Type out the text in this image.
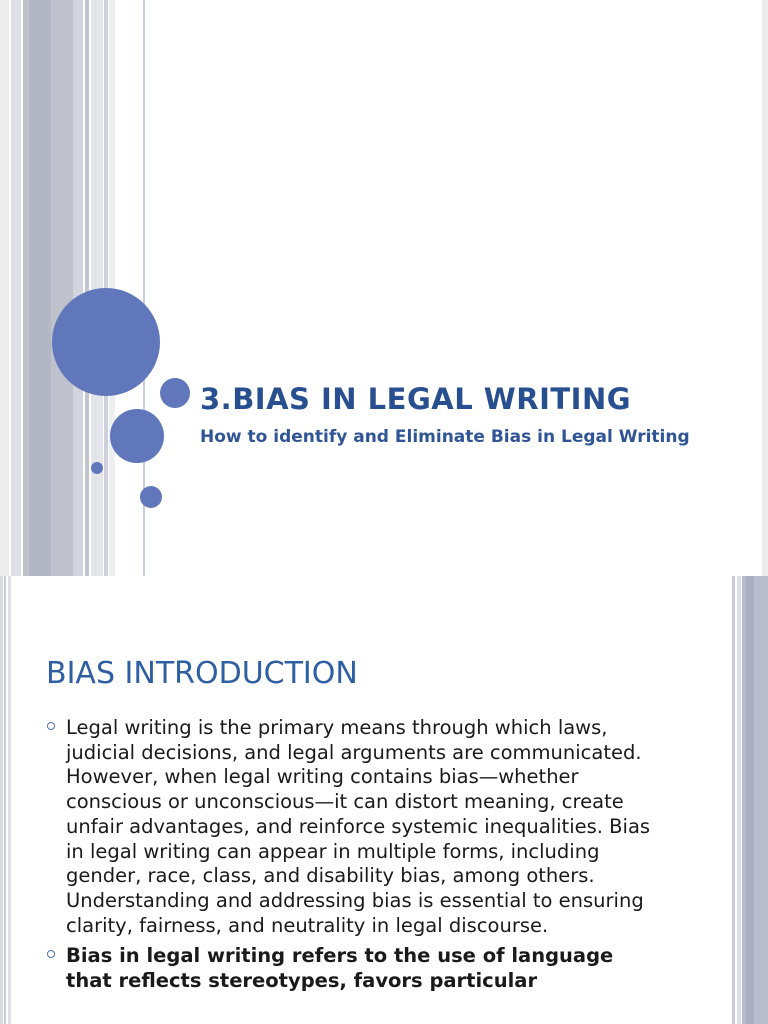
3.BIAS IN LEGAL WRITING
How to identify and Eliminate Bias in Legal Writing
BIAS INTRODUCTION
Legal writing is the primary means through which laws, judicial decisions, and legal arguments are communicated. However, when legal writing contains bias—whether conscious or unconscious—it can distort meaning, create unfair advantages, and reinforce systemic inequalities. Bias in legal writing can appear in multiple forms, including gender, race, class, and disability bias, among others. Understanding and addressing bias is essential to ensuring clarity, fairness, and neutrality in legal discourse.
Bias in legal writing refers to the use of language that reflects stereotypes, favors particular
